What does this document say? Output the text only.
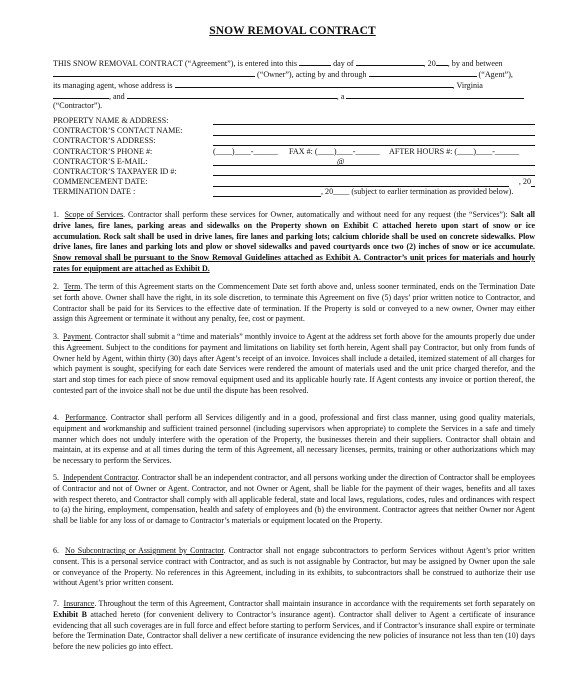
SNOW REMOVAL CONTRACT
THIS SNOW REMOVAL CONTRACT (“Agreement”), is entered into this	day of	, 20 , by and between
(“Owner”), acting by and through	(“Agent”),
its managing agent, whose address is	, Virginia
, and	, a
(“Contractor”).
PROPERTY NAME & ADDRESS:
CONTRACTOR’S CONTACT NAME:
CONTRACTOR’S ADDRESS:
CONTRACTOR’S PHONE #:	(____)____-______ FAX #: (____)____-______ AFTER HOURS #: (____)____-______
CONTRACTOR’S E-MAIL:	@
CONTRACTOR’S TAXPAYER ID #:
COMMENCEMENT DATE:	, 20
TERMINATION DATE :	, 20____ (subject to earlier termination as provided below).

1. Scope of Services. Contractor shall perform these services for Owner, automatically and without need for any request (the “Services”): Salt all drive lanes, fire lanes, parking areas and sidewalks on the Property shown on Exhibit C attached hereto upon start of snow or ice accumulation. Rock salt shall be used in drive lanes, fire lanes and parking lots; calcium chloride shall be used on concrete sidewalks. Plow drive lanes, fire lanes and parking lots and plow or shovel sidewalks and paved courtyards once two (2) inches of snow or ice accumulate. Snow removal shall be pursuant to the Snow Removal Guidelines attached as Exhibit A. Contractor’s unit prices for materials and hourly rates for equipment are attached as Exhibit D.

2. Term. The term of this Agreement starts on the Commencement Date set forth above and, unless sooner terminated, ends on the Termination Date set forth above. Owner shall have the right, in its sole discretion, to terminate this Agreement on five (5) days’ prior written notice to Contractor, and Contractor shall be paid for its Services to the effective date of termination. If the Property is sold or conveyed to a new owner, Owner may either assign this Agreement or terminate it without any penalty, fee, cost or payment.

3. Payment. Contractor shall submit a “time and materials” monthly invoice to Agent at the address set forth above for the amounts properly due under this Agreement. Subject to the conditions for payment and limitations on liability set forth herein, Agent shall pay Contractor, but only from funds of Owner held by Agent, within thirty (30) days after Agent’s receipt of an invoice. Invoices shall include a detailed, itemized statement of all charges for which payment is sought, specifying for each date Services were rendered the amount of materials used and the unit price charged therefor, and the start and stop times for each piece of snow removal equipment used and its applicable hourly rate. If Agent contests any invoice or portion thereof, the contested part of the invoice shall not be due until the dispute has been resolved.

4. Performance. Contractor shall perform all Services diligently and in a good, professional and first class manner, using good quality materials, equipment and workmanship and sufficient trained personnel (including supervisors when appropriate) to complete the Services in a safe and timely manner which does not unduly interfere with the operation of the Property, the businesses therein and their suppliers. Contractor shall obtain and maintain, at its expense and at all times during the term of this Agreement, all necessary licenses, permits, training or other authorizations which may be necessary to perform the Services.

5. Independent Contractor. Contractor shall be an independent contractor, and all persons working under the direction of Contractor shall be employees of Contractor and not of Owner or Agent. Contractor, and not Owner or Agent, shall be liable for the payment of their wages, benefits and all taxes with respect thereto, and Contractor shall comply with all applicable federal, state and local laws, regulations, codes, rules and ordinances with respect to (a) the hiring, employment, compensation, health and safety of employees and (b) the environment. Contractor agrees that neither Owner nor Agent shall be liable for any loss of or damage to Contractor’s materials or equipment located on the Property.

6. No Subcontracting or Assignment by Contractor. Contractor shall not engage subcontractors to perform Services without Agent’s prior written consent. This is a personal service contract with Contractor, and as such is not assignable by Contractor, but may be assigned by Owner upon the sale or conveyance of the Property. No references in this Agreement, including in its exhibits, to subcontractors shall be construed to authorize their use without Agent’s prior written consent.

7. Insurance. Throughout the term of this Agreement, Contractor shall maintain insurance in accordance with the requirements set forth separately on Exhibit B attached hereto (for convenient delivery to Contractor’s insurance agent). Contractor shall deliver to Agent a certificate of insurance evidencing that all such coverages are in full force and effect before starting to perform Services, and if Contractor’s insurance shall expire or terminate before the Termination Date, Contractor shall deliver a new certificate of insurance evidencing the new policies of insurance not less than ten (10) days before the new policies go into effect.
